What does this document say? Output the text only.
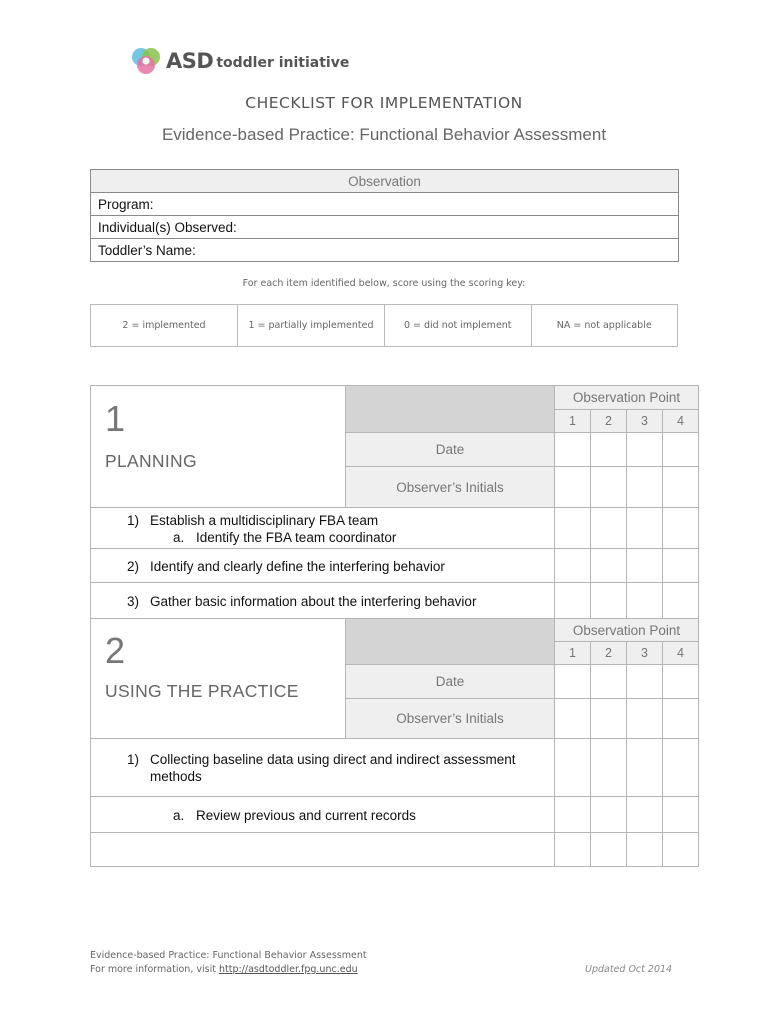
ASD toddler initiative
CHECKLIST FOR IMPLEMENTATION
Evidence-based Practice: Functional Behavior Assessment
Observation
Program:
Individual(s) Observed:
Toddler’s Name:
For each item identified below, score using the scoring key:
2 = implemented	1 = partially implemented	0 = did not implement	NA = not applicable
1
PLANNING		Observation Point			
		1	2	3	4
	Date				
	Observer’s Initials				

1) Establish a multidisciplinary FBA team
a. Identify the FBA team coordinator					

2) Identify and clearly define the interfering behavior					

3) Gather basic information about the interfering behavior					

2
USING THE PRACTICE		Observation Point			
		1	2	3	4
	Date				
	Observer’s Initials				

1) Collecting baseline data using direct and indirect assessment
methods					

a. Review previous and current records					

Evidence-based Practice: Functional Behavior Assessment
For more information, visit http://asdtoddler.fpg.unc.edu	Updated Oct 2014
